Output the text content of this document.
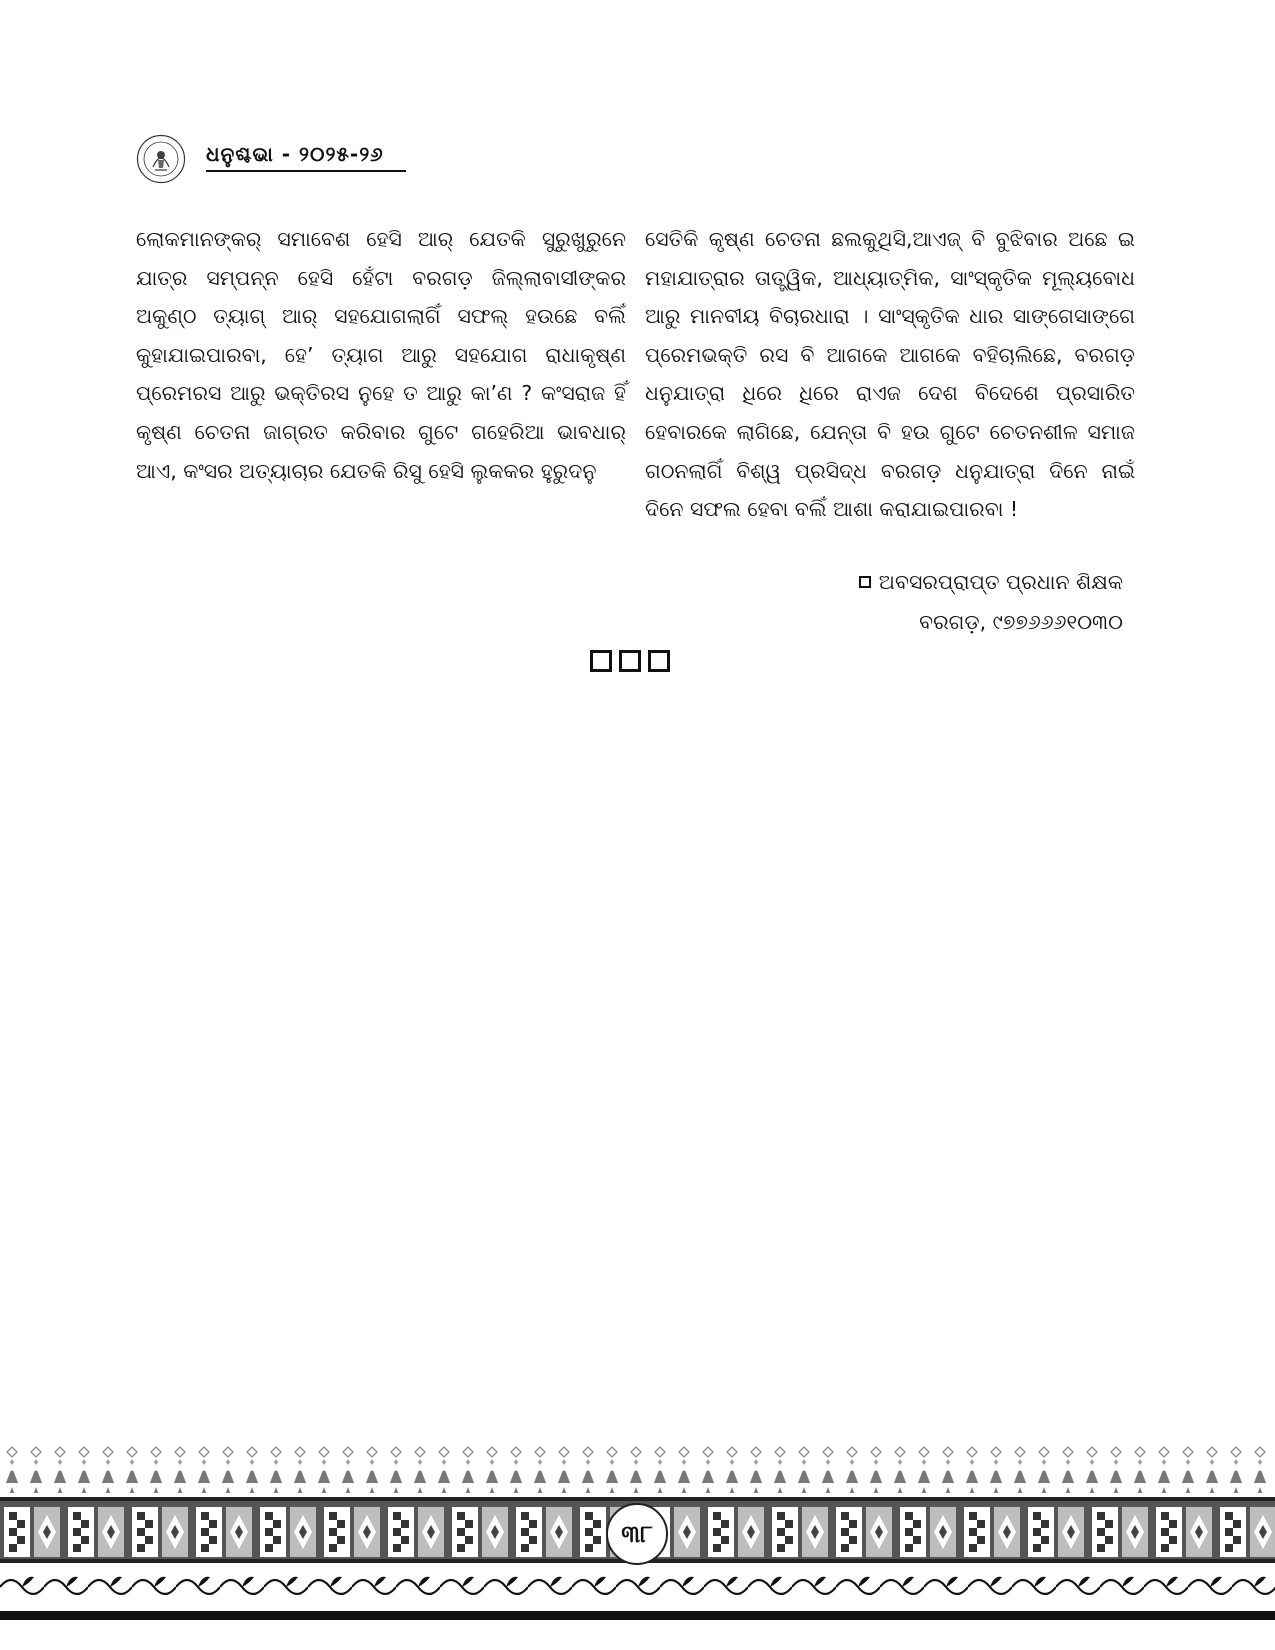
ଧନୁଶ୍ଚଭା - ୨୦୨୫-୨୬

ଲୋକମାନଙ୍କର୍ ସମାବେଶ ହେସି ଆର୍ ଯେତକି ସୁରୁଖୁରୁନେ ଯାତ୍ର ସମ୍ପନ୍ନ ହେସି ହେଁଟା ବରଗଡ଼ ଜିଲ୍ଲାବାସୀଙ୍କର ଅକୁଣ୍ଠ ତ୍ୟାଗ୍ ଆର୍ ସହଯୋଗଲାଗିଁ ସଫଲ୍ ହଉଛେ ବଲିଁ କୁହାଯାଇପାରବା, ହେ’ ତ୍ୟାଗ ଆରୁ ସହଯୋଗ ରାଧାକୃଷ୍ଣ ପ୍ରେମରସ ଆରୁ ଭକ୍ତିରସ ନୁହେ ତ ଆରୁ କା’ଣ ? କଂସରାଜ ହିଁ କୃଷ୍ଣ ଚେତନା ଜାଗ୍ରତ କରିବାର ଗୁଟେ ଗହେରିଆ ଭାବଧାର୍ ଆଏ, କଂସର ଅତ୍ୟାଚାର ଯେତକି ରିସୁ ହେସି ଲୁକକର ହୁରୁଦନୁ

ସେତିକି କୃଷ୍ଣ ଚେତନା ଛଲକୁଥିସି,ଆଏଜ୍ ବି ବୁଝିବାର ଅଛେ ଇ ମହାଯାତ୍ରାର ତାତ୍ତ୍ୱିକ, ଆଧ୍ୟାତ୍ମିକ, ସାଂସ୍କୃତିକ ମୂଲ୍ୟବୋଧ ଆରୁ ମାନବୀୟ ବିଚାରଧାରା । ସାଂସ୍କୃତିକ ଧାର ସାଙ୍ଗେସାଙ୍ଗେ ପ୍ରେମଭକ୍ତି ରସ ବି ଆଗକେ ଆଗକେ ବହିଚାଲିଛେ, ବରଗଡ଼ ଧନୁଯାତ୍ରା ଧିରେ ଧିରେ ରାଏଜ ଦେଶ ବିଦେଶେ ପ୍ରସାରିତ ହେବାରକେ ଲାଗିଛେ, ଯେନ୍ତା ବି ହଉ ଗୁଟେ ଚେତନଶୀଳ ସମାଜ ଗଠନଲାଗିଁ ବିଶ୍ୱ ପ୍ରସିଦ୍ଧ ବରଗଡ଼ ଧନୁଯାତ୍ରା ଦିନେ ନାଇଁ ଦିନେ ସଫଲ ହେବା ବଲିଁ ଆଶା କରାଯାଇପାରବା !

ଅବସରପ୍ରାପ୍ତ ପ୍ରଧାନ ଶିକ୍ଷକ
ବରଗଡ଼, ୯୭୭୬୬୬୧୦୩୦
୩୮
